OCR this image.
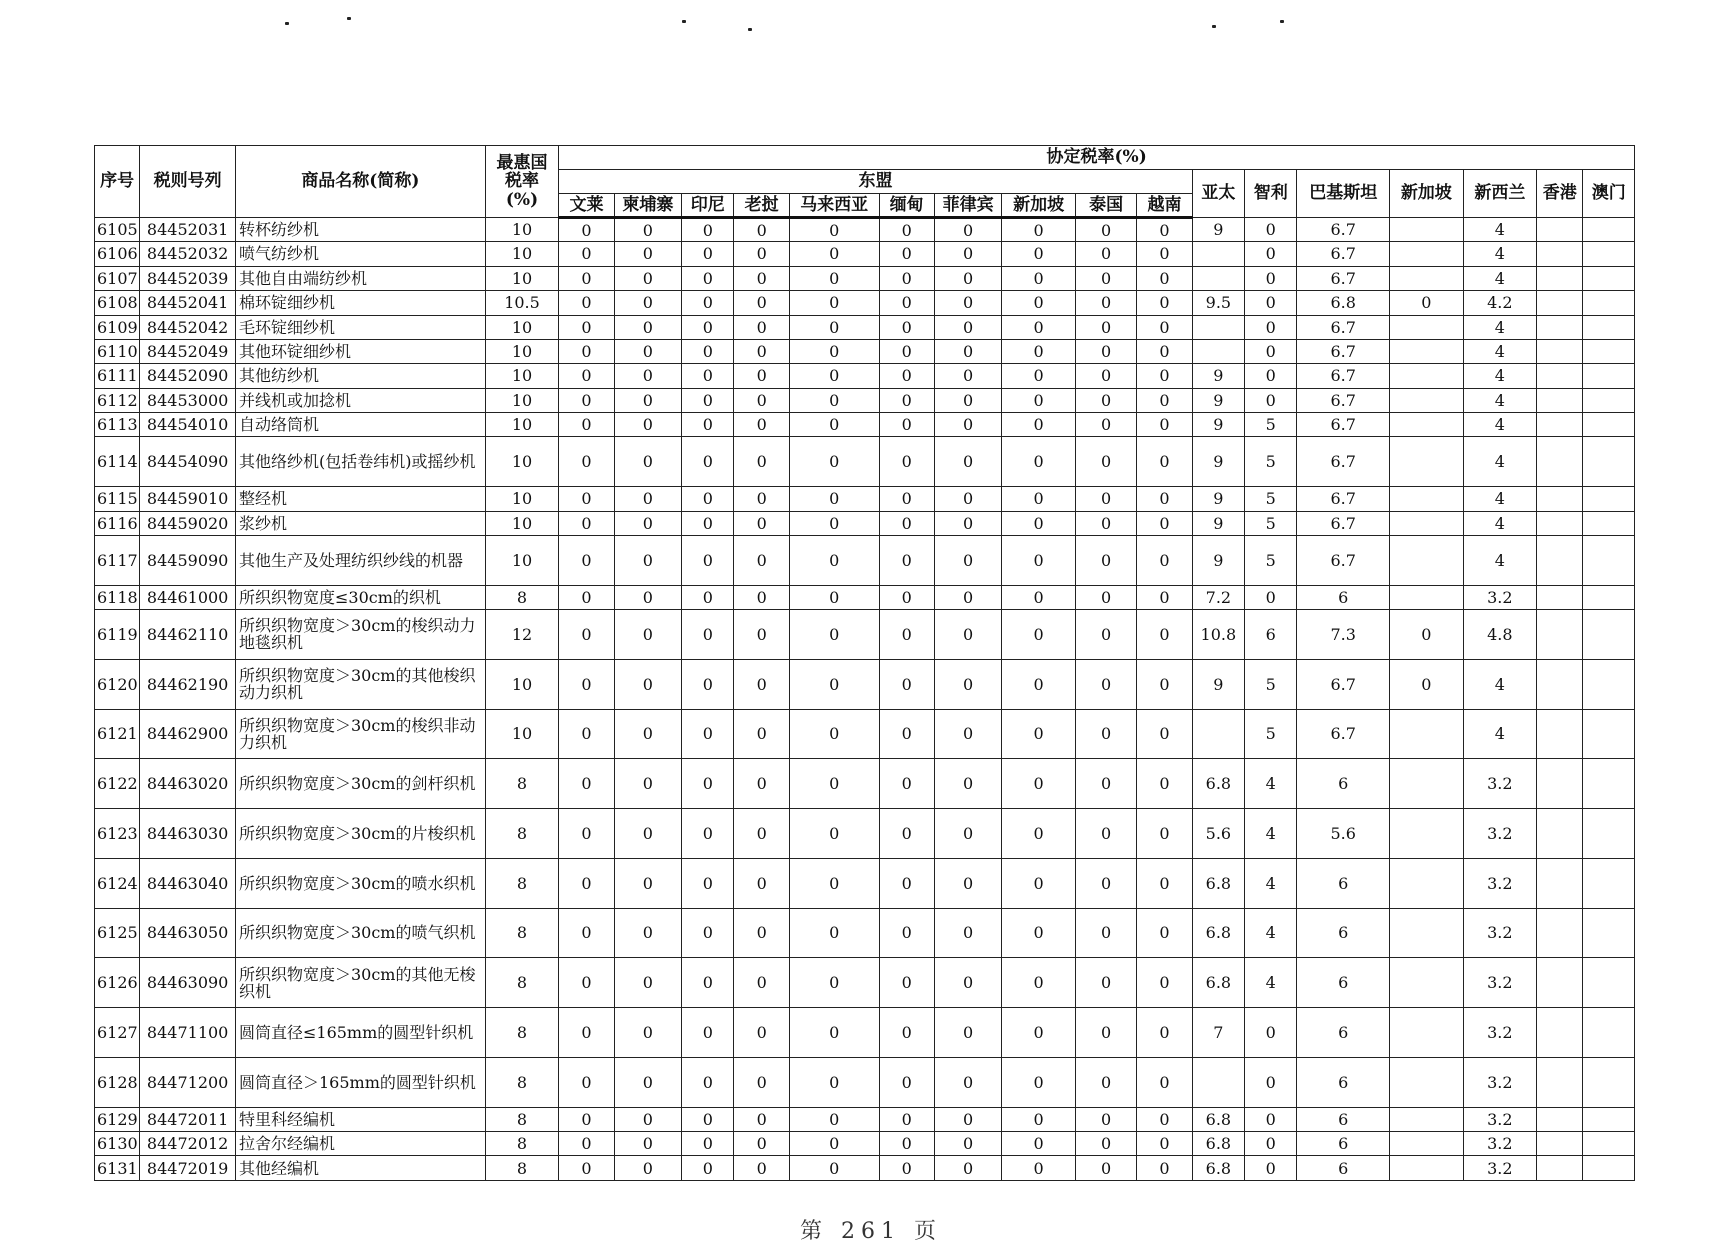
序号	税则号列	商品名称(简称)	最惠国
税率
(%)	协定税率(%)																
				东盟										亚太	智利	巴基斯坦	新加坡	新西兰	香港	澳门
				文莱	柬埔寨	印尼	老挝	马来西亚	缅甸	菲律宾	新加坡	泰国	越南							
6105	84452031	转杯纺纱机	10	0	0	0	0	0	0	0	0	0	0	9	0	6.7		4		
6106	84452032	喷气纺纱机	10	0	0	0	0	0	0	0	0	0	0		0	6.7		4		
6107	84452039	其他自由端纺纱机	10	0	0	0	0	0	0	0	0	0	0		0	6.7		4		
6108	84452041	棉环锭细纱机	10.5	0	0	0	0	0	0	0	0	0	0	9.5	0	6.8	0	4.2		
6109	84452042	毛环锭细纱机	10	0	0	0	0	0	0	0	0	0	0		0	6.7		4		
6110	84452049	其他环锭细纱机	10	0	0	0	0	0	0	0	0	0	0		0	6.7		4		
6111	84452090	其他纺纱机	10	0	0	0	0	0	0	0	0	0	0	9	0	6.7		4		
6112	84453000	并线机或加捻机	10	0	0	0	0	0	0	0	0	0	0	9	0	6.7		4		
6113	84454010	自动络筒机	10	0	0	0	0	0	0	0	0	0	0	9	5	6.7		4		
6114	84454090	其他络纱机(包括卷纬机)或摇纱机	10	0	0	0	0	0	0	0	0	0	0	9	5	6.7		4		
6115	84459010	整经机	10	0	0	0	0	0	0	0	0	0	0	9	5	6.7		4		
6116	84459020	浆纱机	10	0	0	0	0	0	0	0	0	0	0	9	5	6.7		4		
6117	84459090	其他生产及处理纺织纱线的机器	10	0	0	0	0	0	0	0	0	0	0	9	5	6.7		4		
6118	84461000	所织织物宽度≤30cm的织机	8	0	0	0	0	0	0	0	0	0	0	7.2	0	6		3.2		
6119	84462110	所织织物宽度＞30cm的梭织动力地毯织机	12	0	0	0	0	0	0	0	0	0	0	10.8	6	7.3	0	4.8		
6120	84462190	所织织物宽度＞30cm的其他梭织动力织机	10	0	0	0	0	0	0	0	0	0	0	9	5	6.7	0	4		
6121	84462900	所织织物宽度＞30cm的梭织非动力织机	10	0	0	0	0	0	0	0	0	0	0		5	6.7		4		
6122	84463020	所织织物宽度＞30cm的剑杆织机	8	0	0	0	0	0	0	0	0	0	0	6.8	4	6		3.2		
6123	84463030	所织织物宽度＞30cm的片梭织机	8	0	0	0	0	0	0	0	0	0	0	5.6	4	5.6		3.2		
6124	84463040	所织织物宽度＞30cm的喷水织机	8	0	0	0	0	0	0	0	0	0	0	6.8	4	6		3.2		
6125	84463050	所织织物宽度＞30cm的喷气织机	8	0	0	0	0	0	0	0	0	0	0	6.8	4	6		3.2		
6126	84463090	所织织物宽度＞30cm的其他无梭织机	8	0	0	0	0	0	0	0	0	0	0	6.8	4	6		3.2		
6127	84471100	圆筒直径≤165mm的圆型针织机	8	0	0	0	0	0	0	0	0	0	0	7	0	6		3.2		
6128	84471200	圆筒直径＞165mm的圆型针织机	8	0	0	0	0	0	0	0	0	0	0		0	6		3.2		
6129	84472011	特里科经编机	8	0	0	0	0	0	0	0	0	0	0	6.8	0	6		3.2		
6130	84472012	拉舍尔经编机	8	0	0	0	0	0	0	0	0	0	0	6.8	0	6		3.2		
6131	84472019	其他经编机	8	0	0	0	0	0	0	0	0	0	0	6.8	0	6		3.2		
第 261 页
